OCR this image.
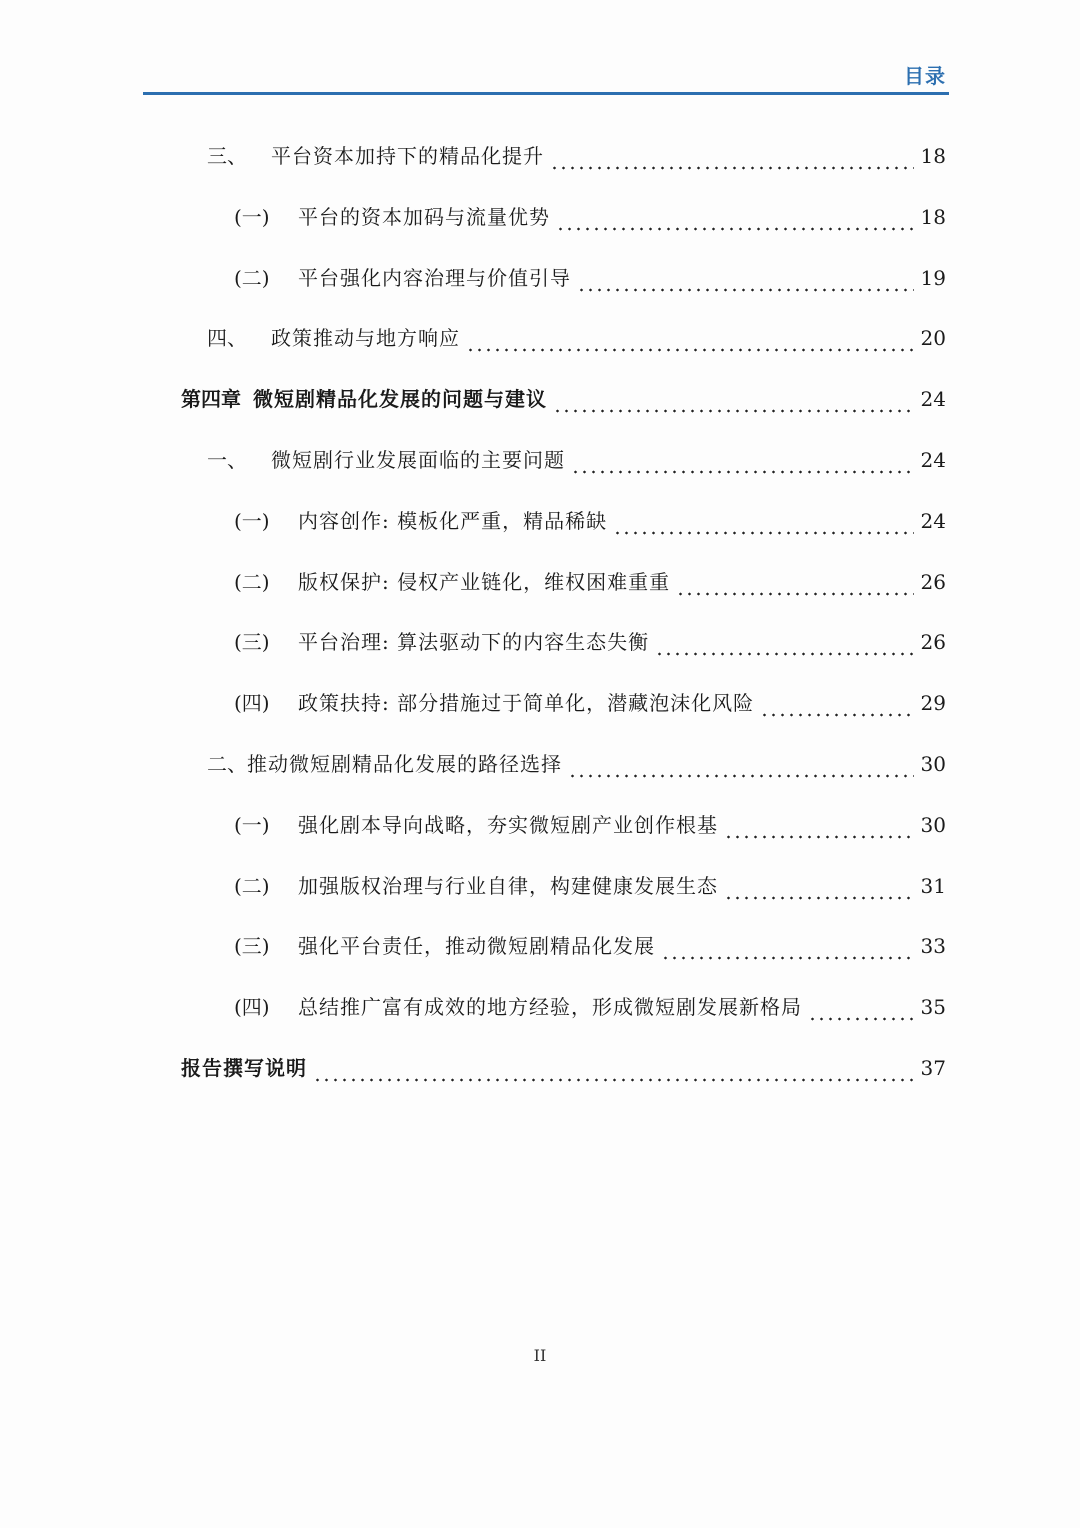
目录
三、	平台资本加持下的精品化提升	18
(一)	平台的资本加码与流量优势	18
(二)	平台强化内容治理与价值引导	19
四、	政策推动与地方响应	20
第四章 微短剧精品化发展的问题与建议	24
一、	微短剧行业发展面临的主要问题	24
(一)	内容创作: 模板化严重，精品稀缺	24
(二)	版权保护: 侵权产业链化，维权困难重重	26
(三)	平台治理: 算法驱动下的内容生态失衡	26
(四)	政策扶持: 部分措施过于简单化，潜藏泡沫化风险	29
二、 推动微短剧精品化发展的路径选择	30
(一)	强化剧本导向战略，夯实微短剧产业创作根基	30
(二)	加强版权治理与行业自律，构建健康发展生态	31
(三)	强化平台责任，推动微短剧精品化发展	33
(四)	总结推广富有成效的地方经验，形成微短剧发展新格局	35
报告撰写说明	37
II
